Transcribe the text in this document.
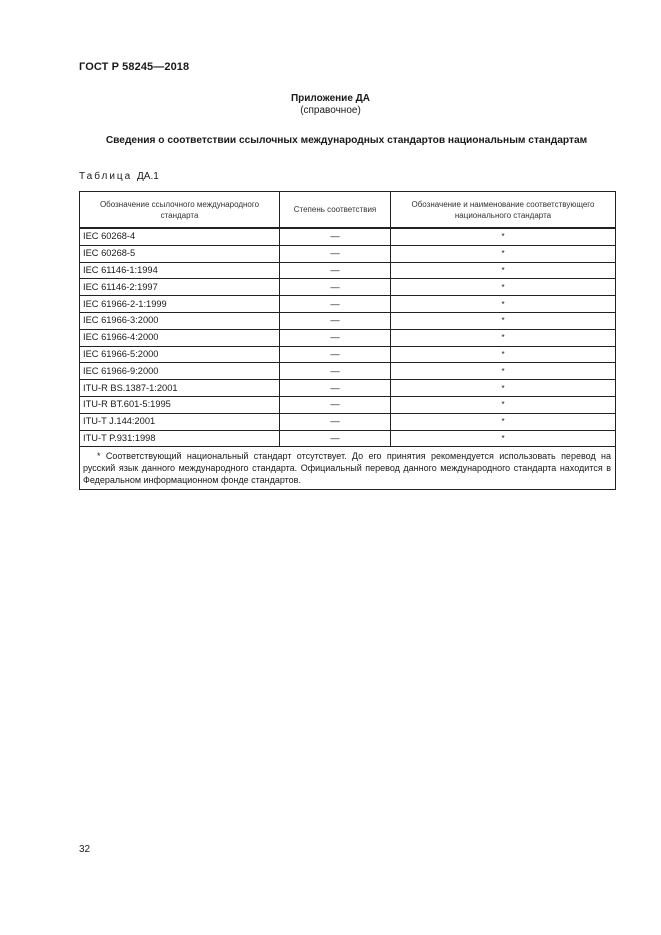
ГОСТ Р 58245—2018
Приложение ДА
(справочное)
Сведения о соответствии ссылочных международных стандартов национальным стандартам
Таблица ДА.1
Обозначение ссылочного международного стандарта	Степень соответствия	Обозначение и наименование соответствующего национального стандарта
IEC 60268-4	—	*
IEC 60268-5	—	*
IEC 61146-1:1994	—	*
IEC 61146-2:1997	—	*
IEC 61966-2-1:1999	—	*
IEC 61966-3:2000	—	*
IEC 61966-4:2000	—	*
IEC 61966-5:2000	—	*
IEC 61966-9:2000	—	*
ITU-R BS.1387-1:2001	—	*
ITU-R BT.601-5:1995	—	*
ITU-T J.144:2001	—	*
ITU-T P.931:1998	—	*
* Соответствующий национальный стандарт отсутствует. До его принятия рекомендуется использовать перевод на русский язык данного международного стандарта. Официальный перевод данного международного стандарта находится в Федеральном информационном фонде стандартов.		
32
